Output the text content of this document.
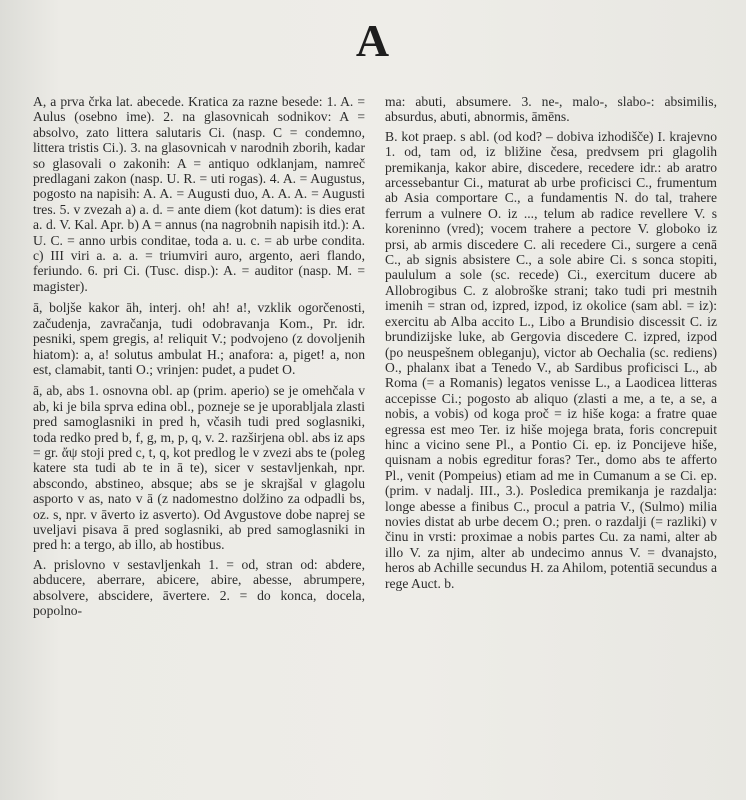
A

A, a prva črka lat. abecede. Kratica za razne besede: 1. A. = Aulus (osebno ime). 2. na glasovnicah sodnikov: A = absolvo, zato littera salutaris Ci. (nasp. C = condemno, littera tristis Ci.). 3. na glasovnicah v narodnih zborih, kadar so glasovali o zakonih: A = antiquo odklanjam, namreč predlagani zakon (nasp. U. R. = uti rogas). 4. A. = Augustus, pogosto na napisih: A. A. = Augusti duo, A. A. A. = Augusti tres. 5. v zvezah a) a. d. = ante diem (kot datum): is dies erat a. d. V. Kal. Apr. b) A = annus (na nagrobnih napisih itd.): A. U. C. = anno urbis conditae, toda a. u. c. = ab urbe condita. c) III viri a. a. a. = triumviri auro, argento, aeri flando, feriundo. 6. pri Ci. (Tusc. disp.): A. = auditor (nasp. M. = magister).

ā, boljše kakor āh, interj. oh! ah! a!, vzklik ogorčenosti, začudenja, zavračanja, tudi odobravanja Kom., Pr. idr. pesniki, spem gregis, a! reliquit V.; podvojeno (z dovoljenih hiatom): a, a! solutus ambulat H.; anafora: a, piget! a, non est, clamabit, tanti O.; vrinjen: pudet, a pudet O.

ā, ab, abs 1. osnovna obl. ap (prim. aperio) se je omehčala v ab, ki je bila sprva edina obl., pozneje se je uporabljala zlasti pred samoglasniki in pred h, včasih tudi pred soglasniki, toda redko pred b, f, g, m, p, q, v. 2. razširjena obl. abs iz aps = gr. ἄψ stoji pred c, t, q, kot predlog le v zvezi abs te (poleg katere sta tudi ab te in ā te), sicer v sestavljenkah, npr. abscondo, abstineo, absque; abs se je skrajšal v glagolu asporto v as, nato v ā (z nadomestno dolžino za odpadli bs, oz. s, npr. v āverto iz asverto). Od Avgustove dobe naprej se uveljavi pisava ā pred soglasniki, ab pred samoglasniki in pred h: a tergo, ab illo, ab hostibus.

A. prislovno v sestavljenkah 1. = od, stran od: abdere, abducere, aberrare, abicere, abire, abesse, abrumpere, absolvere, abscidere, āvertere. 2. = do konca, docela, popolno-

ma: abuti, absumere. 3. ne-, malo-, slabo-: absimilis, absurdus, abuti, abnormis, āmēns.

B. kot praep. s abl. (od kod? – dobiva izhodišče) I. krajevno 1. od, tam od, iz bližine česa, predvsem pri glagolih premikanja, kakor abire, discedere, recedere idr.: ab aratro arcessebantur Ci., maturat ab urbe proficisci C., frumentum ab Asia comportare C., a fundamentis N. do tal, trahere ferrum a vulnere O. iz ..., telum ab radice revellere V. s koreninno (vred); vocem trahere a pectore V. globoko iz prsi, ab armis discedere C. ali recedere Ci., surgere a cenā C., ab signis absistere C., a sole abire Ci. s sonca stopiti, paululum a sole (sc. recede) Ci., exercitum ducere ab Allobrogibus C. z alobroške strani; tako tudi pri mestnih imenih = stran od, izpred, izpod, iz okolice (sam abl. = iz): exercitu ab Alba accito L., Libo a Brundisio discessit C. iz brundizijske luke, ab Gergovia discedere C. izpred, izpod (po neuspešnem obleganju), victor ab Oechalia (sc. rediens) O., phalanx ibat a Tenedo V., ab Sardibus proficisci L., ab Roma (= a Romanis) legatos venisse L., a Laodicea litteras accepisse Ci.; pogosto ab aliquo (zlasti a me, a te, a se, a nobis, a vobis) od koga proč = iz hiše koga: a fratre quae egressa est meo Ter. iz hiše mojega brata, foris concrepuit hinc a vicino sene Pl., a Pontio Ci. ep. iz Poncijeve hiše, quisnam a nobis egreditur foras? Ter., domo abs te afferto Pl., venit (Pompeius) etiam ad me in Cumanum a se Ci. ep. (prim. v nadalj. III., 3.). Posledica premikanja je razdalja: longe abesse a finibus C., procul a patria V., (Sulmo) milia novies distat ab urbe decem O.; pren. o razdalji (= razliki) v činu in vrsti: proximae a nobis partes Cu. za nami, alter ab illo V. za njim, alter ab undecimo annus V. = dvanajsto, heros ab Achille secundus H. za Ahilom, potentiā secundus a rege Auct. b.
